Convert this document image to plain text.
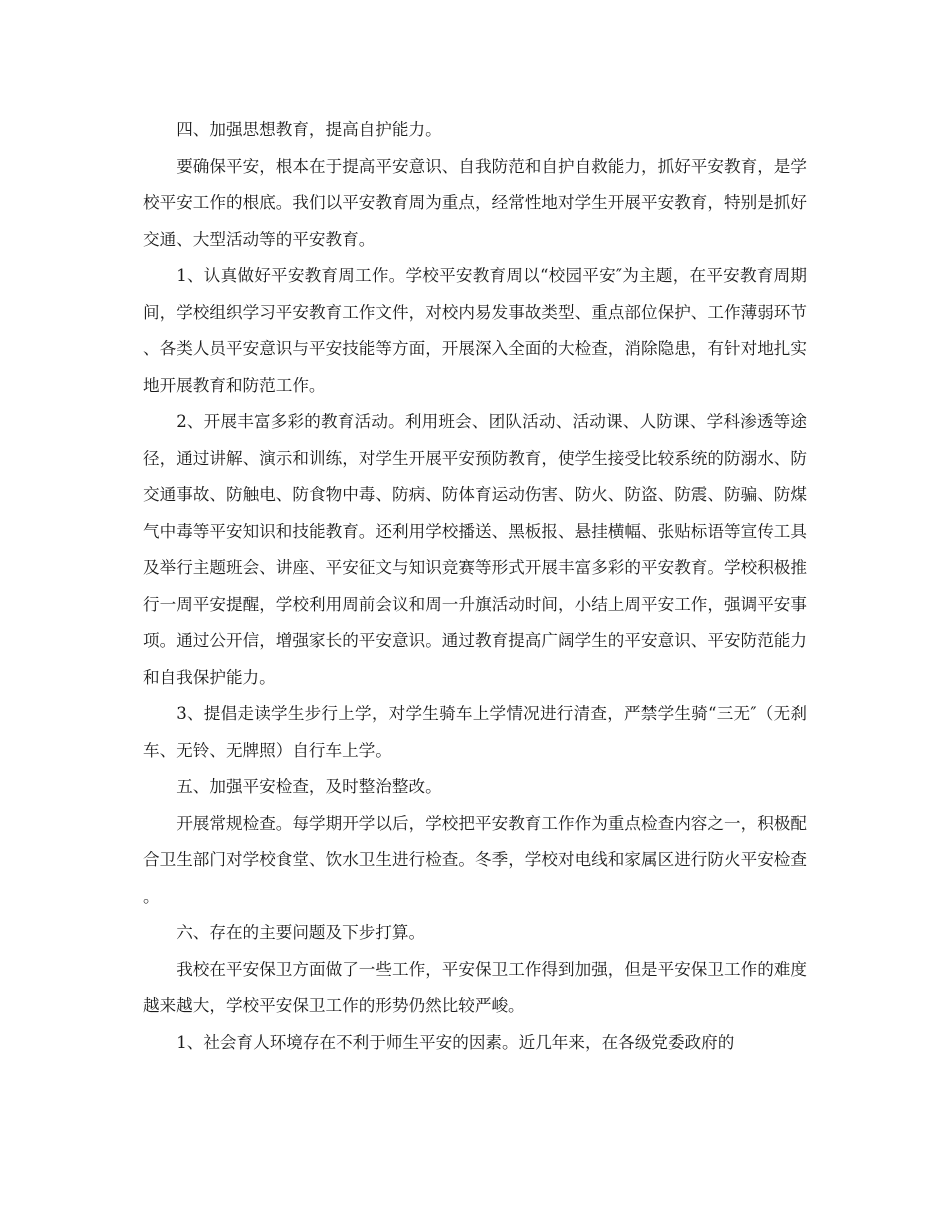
四、加强思想教育，提高自护能力。

要确保平安，根本在于提高平安意识、自我防范和自护自救能力，抓好平安教育，是学校平安工作的根底。我们以平安教育周为重点，经常性地对学生开展平安教育，特别是抓好交通、大型活动等的平安教育。

1、认真做好平安教育周工作。学校平安教育周以“校园平安″为主题，在平安教育周期间，学校组织学习平安教育工作文件，对校内易发事故类型、重点部位保护、工作薄弱环节、各类人员平安意识与平安技能等方面，开展深入全面的大检查，消除隐患，有针对地扎实地开展教育和防范工作。

2、开展丰富多彩的教育活动。利用班会、团队活动、活动课、人防课、学科渗透等途径，通过讲解、演示和训练，对学生开展平安预防教育，使学生接受比较系统的防溺水、防交通事故、防触电、防食物中毒、防病、防体育运动伤害、防火、防盗、防震、防骗、防煤气中毒等平安知识和技能教育。还利用学校播送、黑板报、悬挂横幅、张贴标语等宣传工具及举行主题班会、讲座、平安征文与知识竞赛等形式开展丰富多彩的平安教育。学校积极推行一周平安提醒，学校利用周前会议和周一升旗活动时间，小结上周平安工作，强调平安事项。通过公开信，增强家长的平安意识。通过教育提高广阔学生的平安意识、平安防范能力和自我保护能力。

3、提倡走读学生步行上学，对学生骑车上学情况进行清查，严禁学生骑“三无″（无刹车、无铃、无牌照）自行车上学。

五、加强平安检查，及时整治整改。

开展常规检查。每学期开学以后，学校把平安教育工作作为重点检查内容之一，积极配合卫生部门对学校食堂、饮水卫生进行检查。冬季，学校对电线和家属区进行防火平安检查。

六、存在的主要问题及下步打算。

我校在平安保卫方面做了一些工作，平安保卫工作得到加强，但是平安保卫工作的难度越来越大，学校平安保卫工作的形势仍然比较严峻。

1、社会育人环境存在不利于师生平安的因素。近几年来，在各级党委政府的
